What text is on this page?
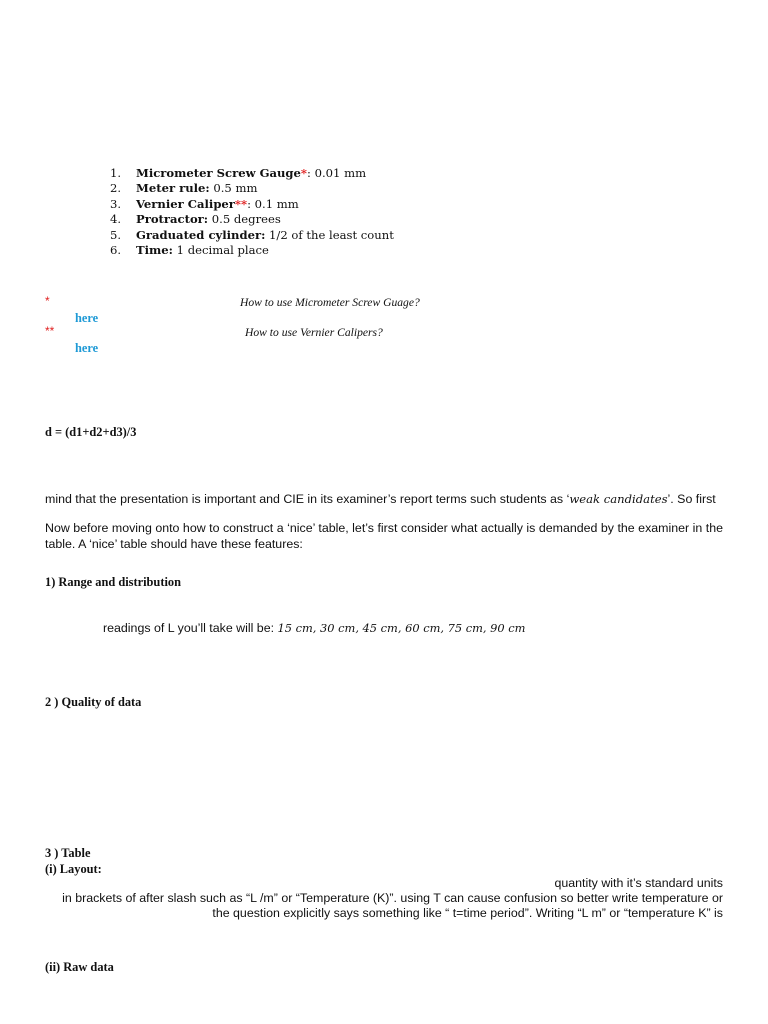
1.	Micrometer Screw Gauge*: 0.01 mm
2.	Meter rule: 0.5 mm
3.	Vernier Caliper**: 0.1 mm
4.	Protractor: 0.5 degrees
5.	Graduated cylinder: 1/2 of the least count
6.	Time: 1 decimal place
*	How to use Micrometer Screw Guage?
here
**	How to use Vernier Calipers?
here
d = (d1+d2+d3)/3
mind that the presentation is important and CIE in its examiner’s report terms such students as ‘weak candidates’. So first
Now before moving onto how to construct a ‘nice’ table, let’s first consider what actually is demanded by the examiner in the table. A ‘nice’ table should have these features:
1) Range and distribution
readings of L you’ll take will be: 15 cm, 30 cm, 45 cm, 60 cm, 75 cm, 90 cm
2 ) Quality of data
3 ) Table
(i) Layout:
quantity with it’s standard units
in brackets of after slash such as “L /m” or “Temperature (K)”. using T can cause confusion so better write temperature or
the question explicitly says something like “ t=time period”. Writing “L m” or “temperature K” is
(ii) Raw data
